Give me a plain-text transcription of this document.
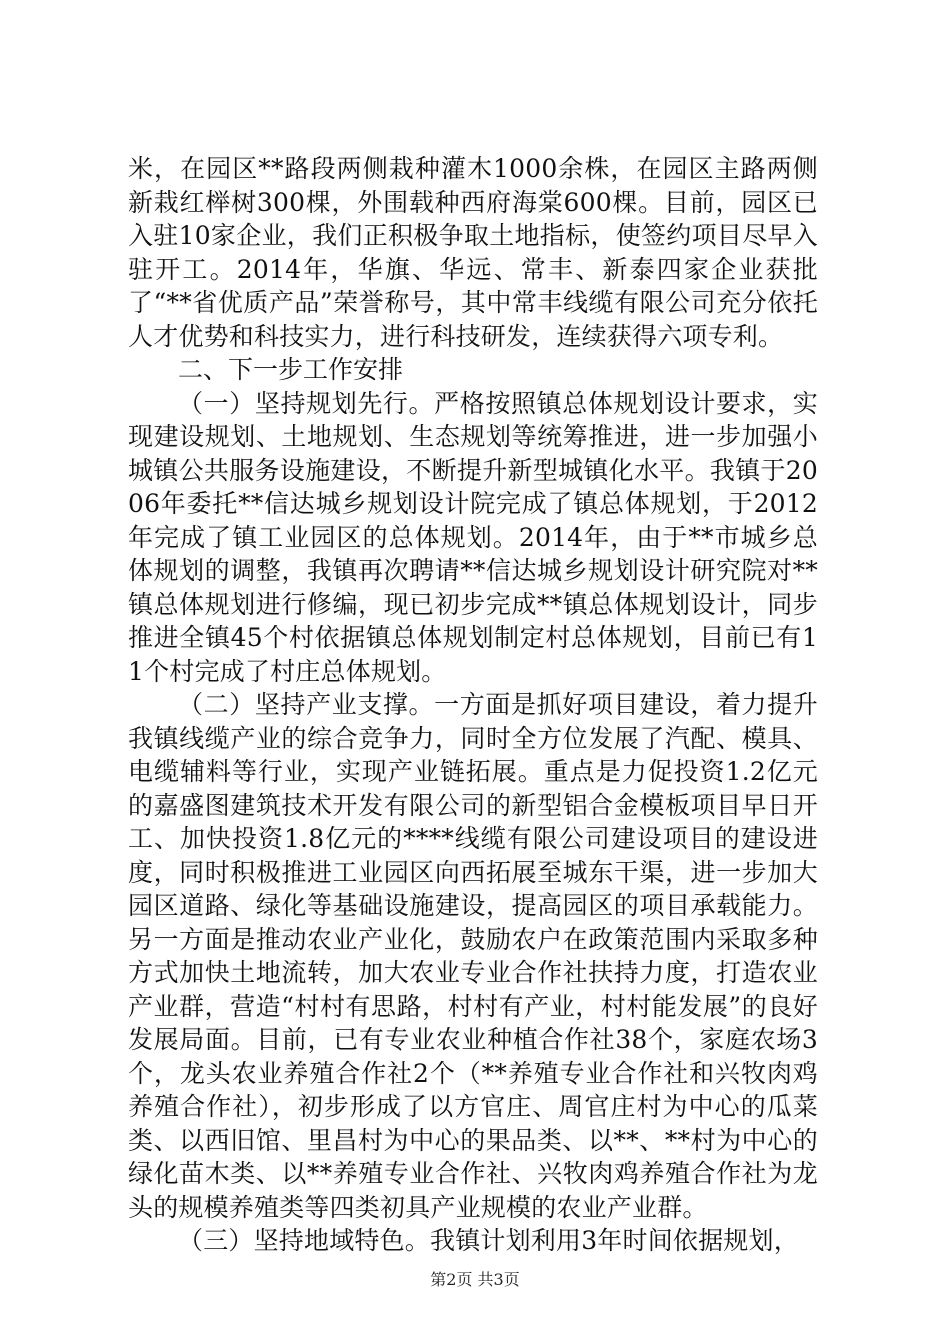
米，在园区**路段两侧栽种灌木1000余株，在园区主路两侧新栽红榉树300棵，外围载种西府海棠600棵。目前，园区已入驻10家企业，我们正积极争取土地指标，使签约项目尽早入驻开工。2014年，华旗、华远、常丰、新泰四家企业获批了“**省优质产品”荣誉称号，其中常丰线缆有限公司充分依托人才优势和科技实力，进行科技研发，连续获得六项专利。

二、下一步工作安排

（一）坚持规划先行。严格按照镇总体规划设计要求，实现建设规划、土地规划、生态规划等统筹推进，进一步加强小城镇公共服务设施建设，不断提升新型城镇化水平。我镇于2006年委托**信达城乡规划设计院完成了镇总体规划，于2012年完成了镇工业园区的总体规划。2014年，由于**市城乡总体规划的调整，我镇再次聘请**信达城乡规划设计研究院对**镇总体规划进行修编，现已初步完成**镇总体规划设计，同步推进全镇45个村依据镇总体规划制定村总体规划，目前已有11个村完成了村庄总体规划。

（二）坚持产业支撑。一方面是抓好项目建设，着力提升我镇线缆产业的综合竞争力，同时全方位发展了汽配、模具、电缆辅料等行业，实现产业链拓展。重点是力促投资1.2亿元的嘉盛图建筑技术开发有限公司的新型铝合金模板项目早日开工、加快投资1.8亿元的****线缆有限公司建设项目的建设进度，同时积极推进工业园区向西拓展至城东干渠，进一步加大园区道路、绿化等基础设施建设，提高园区的项目承载能力。另一方面是推动农业产业化，鼓励农户在政策范围内采取多种方式加快土地流转，加大农业专业合作社扶持力度，打造农业产业群，营造“村村有思路，村村有产业，村村能发展”的良好发展局面。目前，已有专业农业种植合作社38个，家庭农场3个，龙头农业养殖合作社2个（**养殖专业合作社和兴牧肉鸡养殖合作社），初步形成了以方官庄、周官庄村为中心的瓜菜类、以西旧馆、里昌村为中心的果品类、以**、**村为中心的绿化苗木类、以**养殖专业合作社、兴牧肉鸡养殖合作社为龙头的规模养殖类等四类初具产业规模的农业产业群。

（三）坚持地域特色。我镇计划利用3年时间依据规划，

第2页 共3页
